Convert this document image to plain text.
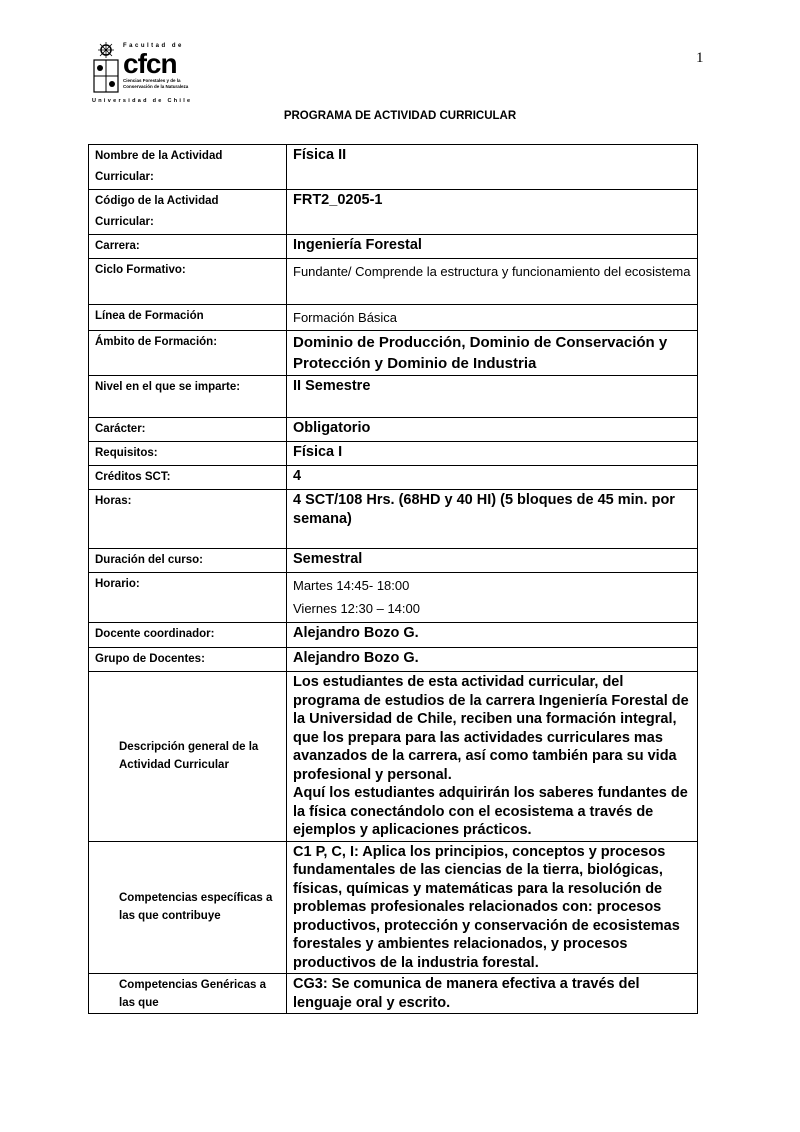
1
Facultad de
cfcn
Ciencias Forestales y de la Conservación de la Naturaleza
Universidad de Chile
PROGRAMA DE ACTIVIDAD CURRICULAR
Nombre de la Actividad Curricular:	Física II
Código de la Actividad Curricular:	FRT2_0205-1
Carrera:	Ingeniería Forestal
Ciclo Formativo:	Fundante/ Comprende la estructura y funcionamiento del ecosistema
Línea de Formación	Formación Básica
Ámbito de Formación:	Dominio de Producción, Dominio de Conservación y Protección y Dominio de Industria
Nivel en el que se imparte:	II Semestre
Carácter:	Obligatorio
Requisitos:	Física I
Créditos SCT:	4
Horas:	4 SCT/108 Hrs. (68HD y 40 HI) (5 bloques de 45 min. por semana)
Duración del curso:	Semestral
Horario:	Martes 14:45- 18:00
Viernes 12:30 – 14:00

Docente coordinador:	Alejandro Bozo G.
Grupo de Docentes:	Alejandro Bozo G.
Descripción general de la Actividad Curricular	Los estudiantes de esta actividad curricular, del programa de estudios de la carrera Ingeniería Forestal de la Universidad de Chile, reciben una formación integral, que los prepara para las actividades curriculares mas avanzados de la carrera, así como también para su vida profesional y personal.
Aquí los estudiantes adquirirán los saberes fundantes de la física conectándolo con el ecosistema a través de ejemplos y aplicaciones prácticos.

Competencias específicas a las que contribuye	C1 P, C, I: Aplica los principios, conceptos y procesos fundamentales de las ciencias de la tierra, biológicas, físicas, químicas y matemáticas para la resolución de problemas profesionales relacionados con: procesos productivos, protección y conservación de ecosistemas forestales y ambientes relacionados, y procesos productivos de la industria forestal.
Competencias Genéricas a las que	CG3: Se comunica de manera efectiva a través del lenguaje oral y escrito.
